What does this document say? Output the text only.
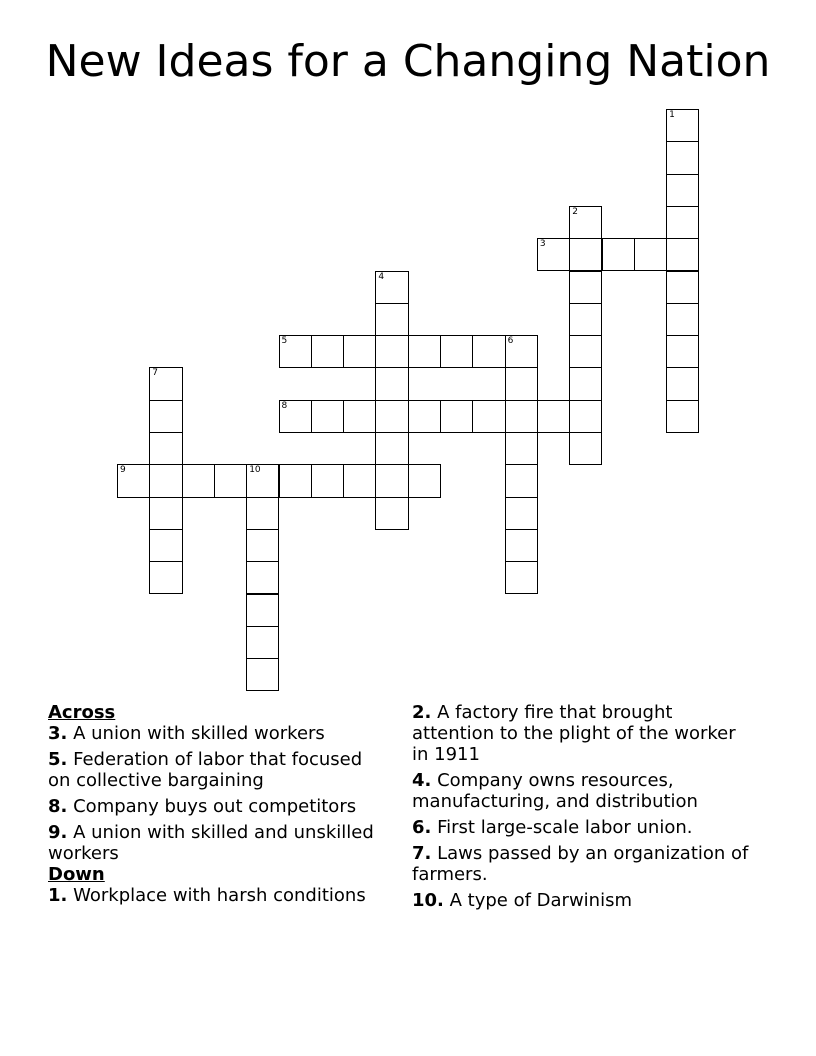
New Ideas for a Changing Nation
1
2
3
4
5	6
7
8
9	10
Across
3. A union with skilled workers
5. Federation of labor that focused on collective bargaining
8. Company buys out competitors
9. A union with skilled and unskilled workers
Down
1. Workplace with harsh conditions
2. A factory fire that brought attention to the plight of the worker in 1911
4. Company owns resources, manufacturing, and distribution
6. First large-scale labor union.
7. Laws passed by an organization of farmers.
10. A type of Darwinism
